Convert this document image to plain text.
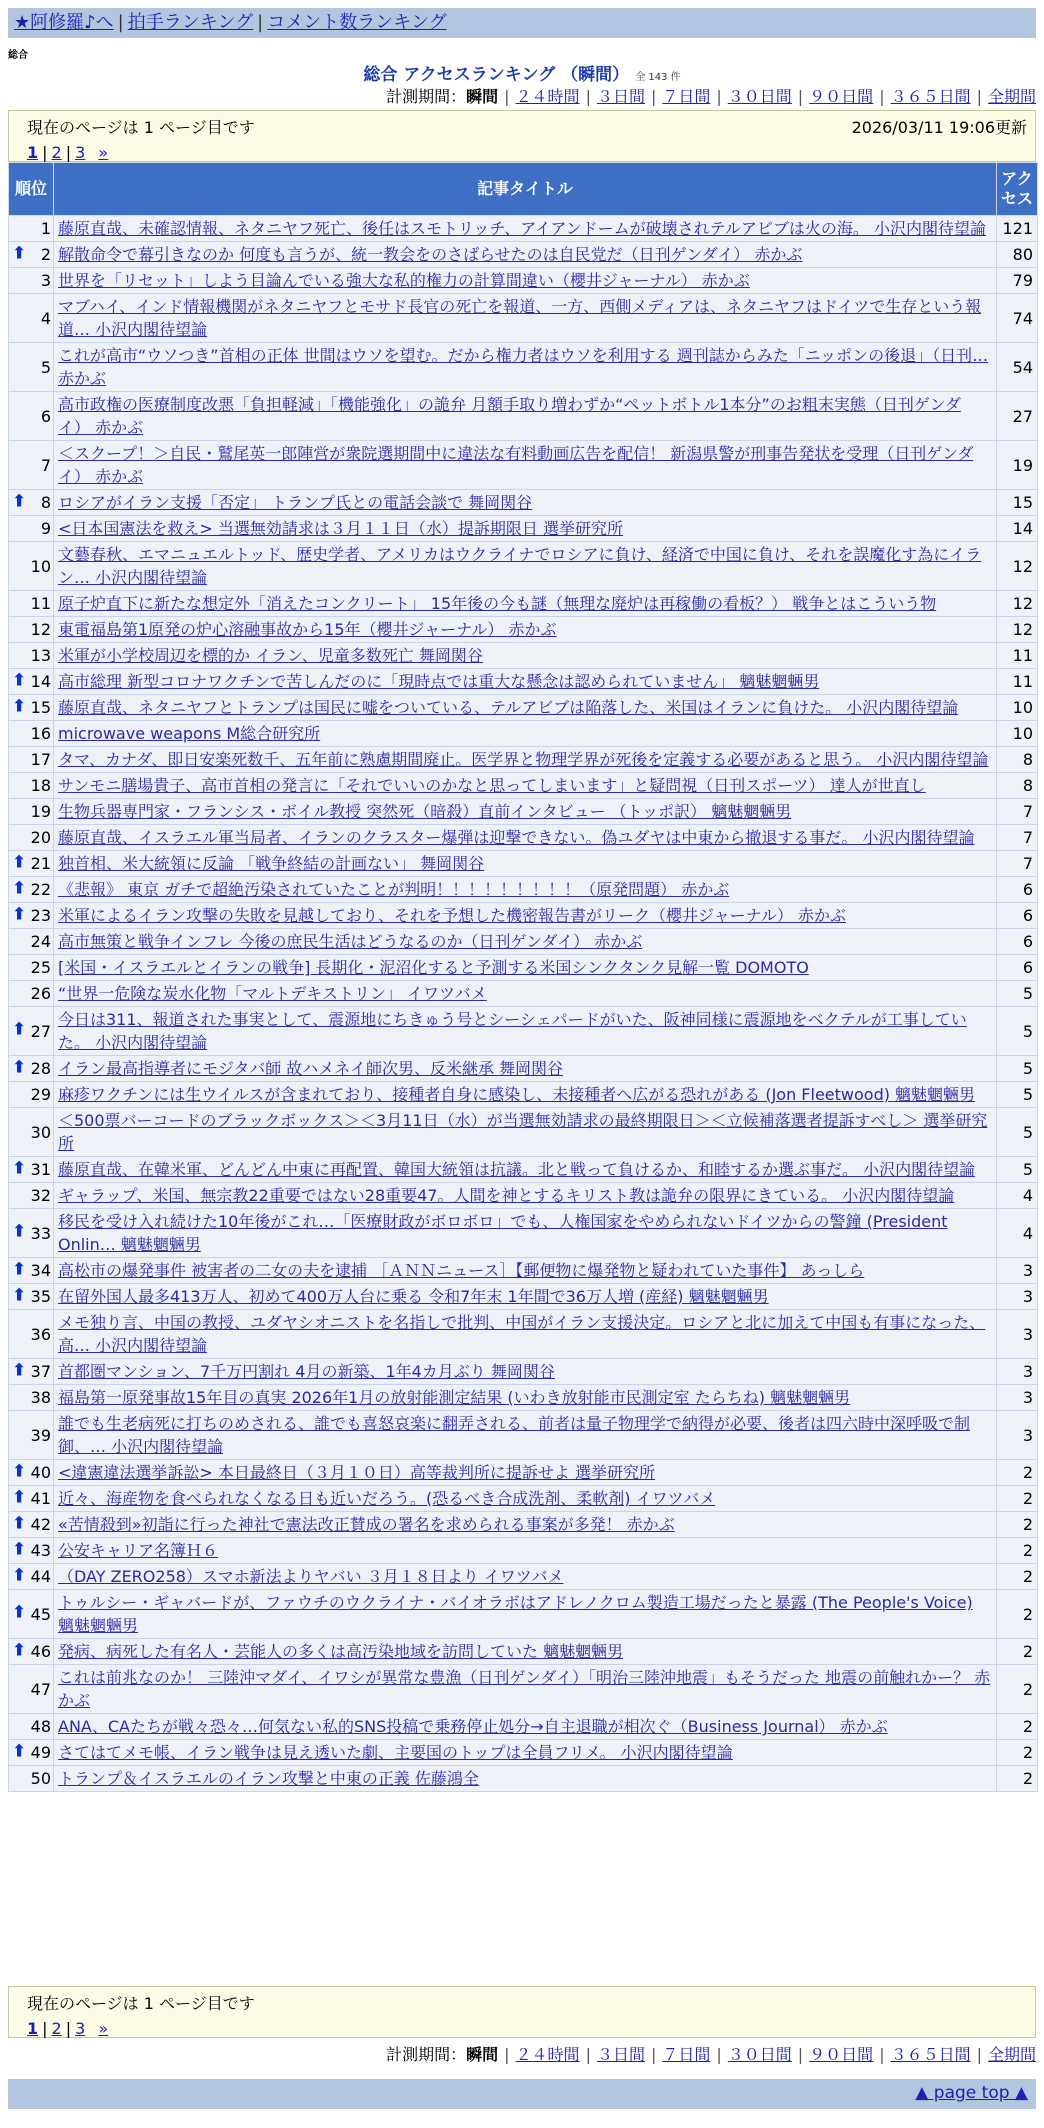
★阿修羅♪へ | 拍手ランキング | コメント数ランキング
総合
総合 アクセスランキング （瞬間） 全 143 件
計測期間：瞬間 | ２４時間 | ３日間 | ７日間 | ３０日間 | ９０日間 | ３６５日間 | 全期間
現在のページは 1 ページ目です	2026/03/11 19:06更新
1 | 2 | 3 »
順位	記事タイトル	アクセス
1	藤原直哉、未確認情報、ネタニヤフ死亡、後任はスモトリッチ、アイアンドームが破壊されテルアビブは火の海。 小沢内閣待望論	121

⬆ 2	解散命令で幕引きなのか 何度も言うが、統一教会をのさばらせたのは自民党だ（日刊ゲンダイ） 赤かぶ	80
3	世界を「リセット」しよう目論んでいる強大な私的権力の計算間違い（櫻井ジャーナル） 赤かぶ	79
4	マブハイ、インド情報機関がネタニヤフとモサド長官の死亡を報道、一方、西側メディアは、ネタニヤフはドイツで生存という報道… 小沢内閣待望論	74
5	これが高市“ウソつき”首相の正体 世間はウソを望む。だから権力者はウソを利用する 週刊誌からみた「ニッポンの後退」（日刊… 赤かぶ	54
6	高市政権の医療制度改悪「負担軽減」「機能強化」の詭弁 月額手取り増わずか“ペットボトル1本分”のお粗末実態（日刊ゲンダイ） 赤かぶ	27
7	＜スクープ！＞自民・鷲尾英一郎陣営が衆院選期間中に違法な有料動画広告を配信！ 新潟県警が刑事告発状を受理（日刊ゲンダイ） 赤かぶ	19

⬆ 8	ロシアがイラン支援「否定」 トランプ氏との電話会談で 舞岡関谷	15
9	<日本国憲法を救え> 当選無効請求は３月１１日（水）提訴期限日 選挙研究所	14
10	文藝春秋、エマニュエルトッド、歴史学者、アメリカはウクライナでロシアに負け、経済で中国に負け、それを誤魔化す為にイラン… 小沢内閣待望論	12
11	原子炉直下に新たな想定外「消えたコンクリート」 15年後の今も謎（無理な廃炉は再稼働の看板？） 戦争とはこういう物	12
12	東電福島第1原発の炉心溶融事故から15年（櫻井ジャーナル） 赤かぶ	12
13	米軍が小学校周辺を標的か イラン、児童多数死亡 舞岡関谷	11

⬆ 14	高市総理 新型コロナワクチンで苦しんだのに「現時点では重大な懸念は認められていません」 魑魅魍魎男	11

⬆ 15	藤原直哉、ネタニヤフとトランプは国民に嘘をついている、テルアビブは陥落した、米国はイランに負けた。 小沢内閣待望論	10
16	microwave weapons M総合研究所	10
17	タマ、カナダ、即日安楽死数千、五年前に熟慮期間廃止。医学界と物理学界が死後を定義する必要があると思う。 小沢内閣待望論	8
18	サンモニ膳場貴子、高市首相の発言に「それでいいのかなと思ってしまいます」と疑問視（日刊スポーツ） 達人が世直し	8
19	生物兵器専門家・フランシス・ボイル教授 突然死（暗殺）直前インタビュー （トッポ訳） 魑魅魍魎男	7
20	藤原直哉、イスラエル軍当局者、イランのクラスター爆弾は迎撃できない。偽ユダヤは中東から撤退する事だ。 小沢内閣待望論	7

⬆ 21	独首相、米大統領に反論 「戦争終結の計画ない」 舞岡関谷	7

⬆ 22	《悲報》 東京 ガチで超絶汚染されていたことが判明！！！！！！！！！（原発問題） 赤かぶ	6

⬆ 23	米軍によるイラン攻撃の失敗を見越しており、それを予想した機密報告書がリーク（櫻井ジャーナル） 赤かぶ	6
24	高市無策と戦争インフレ 今後の庶民生活はどうなるのか（日刊ゲンダイ） 赤かぶ	6
25	[米国・イスラエルとイランの戦争] 長期化・泥沼化すると予測する米国シンクタンク見解一覧 DOMOTO	6
26	“世界一危険な炭水化物「マルトデキストリン」 イワツバメ	5

⬆ 27	今日は311、報道された事実として、震源地にちきゅう号とシーシェパードがいた、阪神同様に震源地をベクテルが工事していた。 小沢内閣待望論	5

⬆ 28	イラン最高指導者にモジタバ師 故ハメネイ師次男、反米継承 舞岡関谷	5
29	麻疹ワクチンには生ウイルスが含まれており、接種者自身に感染し、未接種者へ広がる恐れがある (Jon Fleetwood) 魑魅魍魎男	5
30	＜500票バーコードのブラックボックス＞＜3月11日（水）が当選無効請求の最終期限日＞＜立候補落選者提訴すべし＞ 選挙研究所	5

⬆ 31	藤原直哉、在韓米軍、どんどん中東に再配置、韓国大統領は抗議。北と戦って負けるか、和睦するか選ぶ事だ。 小沢内閣待望論	5
32	ギャラップ、米国、無宗教22重要ではない28重要47。人間を神とするキリスト教は詭弁の限界にきている。 小沢内閣待望論	4

⬆ 33	移民を受け入れ続けた10年後がこれ…「医療財政がボロボロ」でも、人権国家をやめられないドイツからの警鐘 (President Onlin… 魑魅魍魎男	4

⬆ 34	高松市の爆発事件 被害者の二女の夫を逮捕 ［ＡＮＮニュース］【郵便物に爆発物と疑われていた事件】 あっしら	3

⬆ 35	在留外国人最多413万人、初めて400万人台に乗る 令和7年末 1年間で36万人増 (産経) 魑魅魍魎男	3
36	メモ独り言、中国の教授、ユダヤシオニストを名指しで批判、中国がイラン支援決定。ロシアと北に加えて中国も有事になった、高… 小沢内閣待望論	3

⬆ 37	首都圏マンション、7千万円割れ 4月の新築、1年4カ月ぶり 舞岡関谷	3
38	福島第一原発事故15年目の真実 2026年1月の放射能測定結果 (いわき放射能市民測定室 たらちね) 魑魅魍魎男	3
39	誰でも生老病死に打ちのめされる、誰でも喜怒哀楽に翻弄される、前者は量子物理学で納得が必要、後者は四六時中深呼吸で制御、… 小沢内閣待望論	3

⬆ 40	<違憲違法選挙訴訟> 本日最終日（３月１０日）高等裁判所に提訴せよ 選挙研究所	2

⬆ 41	近々、海産物を食べられなくなる日も近いだろう。(恐るべき合成洗剤、柔軟剤) イワツバメ	2

⬆ 42	«苦情殺到»初詣に行った神社で憲法改正賛成の署名を求められる事案が多発！ 赤かぶ	2

⬆ 43	公安キャリア名簿Ｈ６	2

⬆ 44	（DAY ZERO258）スマホ新法よりヤバい ３月１８日より イワツバメ	2

⬆ 45	トゥルシー・ギャバードが、ファウチのウクライナ・バイオラボはアドレノクロム製造工場だったと暴露 (The People's Voice) 魑魅魍魎男	2

⬆ 46	発病、病死した有名人・芸能人の多くは高汚染地域を訪問していた 魑魅魍魎男	2
47	これは前兆なのか！ 三陸沖マダイ、イワシが異常な豊漁（日刊ゲンダイ）「明治三陸沖地震」もそうだった 地震の前触れかー？ 赤かぶ	2
48	ANA、CAたちが戦々恐々…何気ない私的SNS投稿で乗務停止処分→自主退職が相次ぐ（Business Journal） 赤かぶ	2

⬆ 49	さてはてメモ帳、イラン戦争は見え透いた劇、主要国のトップは全員フリメ。 小沢内閣待望論	2
50	トランプ＆イスラエルのイラン攻撃と中東の正義 佐藤鴻全	2
現在のページは 1 ページ目です
1 | 2 | 3 »
計測期間：瞬間 | ２４時間 | ３日間 | ７日間 | ３０日間 | ９０日間 | ３６５日間 | 全期間
▲ page top ▲
